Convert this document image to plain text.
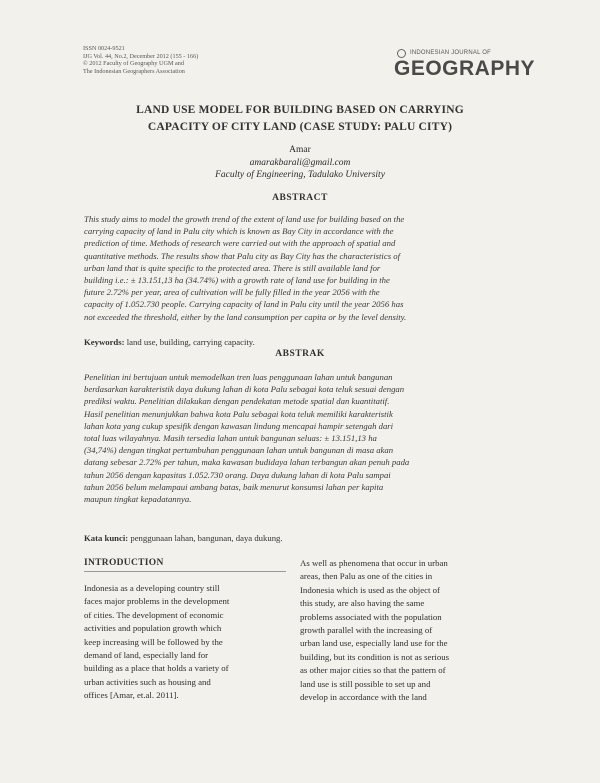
ISSN 0024-9521
IJG Vol. 44, No.2, December 2012 (155 - 166)
© 2012 Faculty of Geography UGM and
The Indonesian Geographers Association
INDONESIAN JOURNAL OF
GEOGRAPHY
LAND USE MODEL FOR BUILDING BASED ON CARRYING
CAPACITY OF CITY LAND (CASE STUDY: PALU CITY)
Amar
amarakbarali@gmail.com
Faculty of Engineering, Tadulako University
ABSTRACT
This study aims to model the growth trend of the extent of land use for building based on the
carrying capacity of land in Palu city which is known as Bay City in accordance with the
prediction of time. Methods of research were carried out with the approach of spatial and
quantitative methods. The results show that Palu city as Bay City has the characteristics of
urban land that is quite specific to the protected area. There is still available land for
building i.e.: ± 13.151,13 ha (34.74%) with a growth rate of land use for building in the
future 2.72% per year, area of cultivation will be fully filled in the year 2056 with the
capacity of 1.052.730 people. Carrying capacity of land in Palu city until the year 2056 has
not exceeded the threshold, either by the land consumption per capita or by the level density.
Keywords: land use, building, carrying capacity.
ABSTRAK
Penelitian ini bertujuan untuk memodelkan tren luas penggunaan lahan untuk bangunan
berdasarkan karakteristik daya dukung lahan di kota Palu sebagai kota teluk sesuai dengan
prediksi waktu. Penelitian dilakukan dengan pendekatan metode spatial dan kuantitatif.
Hasil penelitian menunjukkan bahwa kota Palu sebagai kota teluk memiliki karakteristik
lahan kota yang cukup spesifik dengan kawasan lindung mencapai hampir setengah dari
total luas wilayahnya. Masih tersedia lahan untuk bangunan seluas: ± 13.151,13 ha
(34,74%) dengan tingkat pertumbuhan penggunaan lahan untuk bangunan di masa akan
datang sebesar 2.72% per tahun, maka kawasan budidaya lahan terbangun akan penuh pada
tahun 2056 dengan kapasitas 1.052.730 orang. Daya dukung lahan di kota Palu sampai
tahun 2056 belum melampaui ambang batas, baik menurut konsumsi lahan per kapita
maupun tingkat kepadatannya.
Kata kunci: penggunaan lahan, bangunan, daya dukung.
INTRODUCTION
Indonesia as a developing country still
faces major problems in the development
of cities. The development of economic
activities and population growth which
keep increasing will be followed by the
demand of land, especially land for
building as a place that holds a variety of
urban activities such as housing and
offices [Amar, et.al. 2011].
As well as phenomena that occur in urban
areas, then Palu as one of the cities in
Indonesia which is used as the object of
this study, are also having the same
problems associated with the population
growth parallel with the increasing of
urban land use, especially land use for the
building, but its condition is not as serious
as other major cities so that the pattern of
land use is still possible to set up and
develop in accordance with the land
